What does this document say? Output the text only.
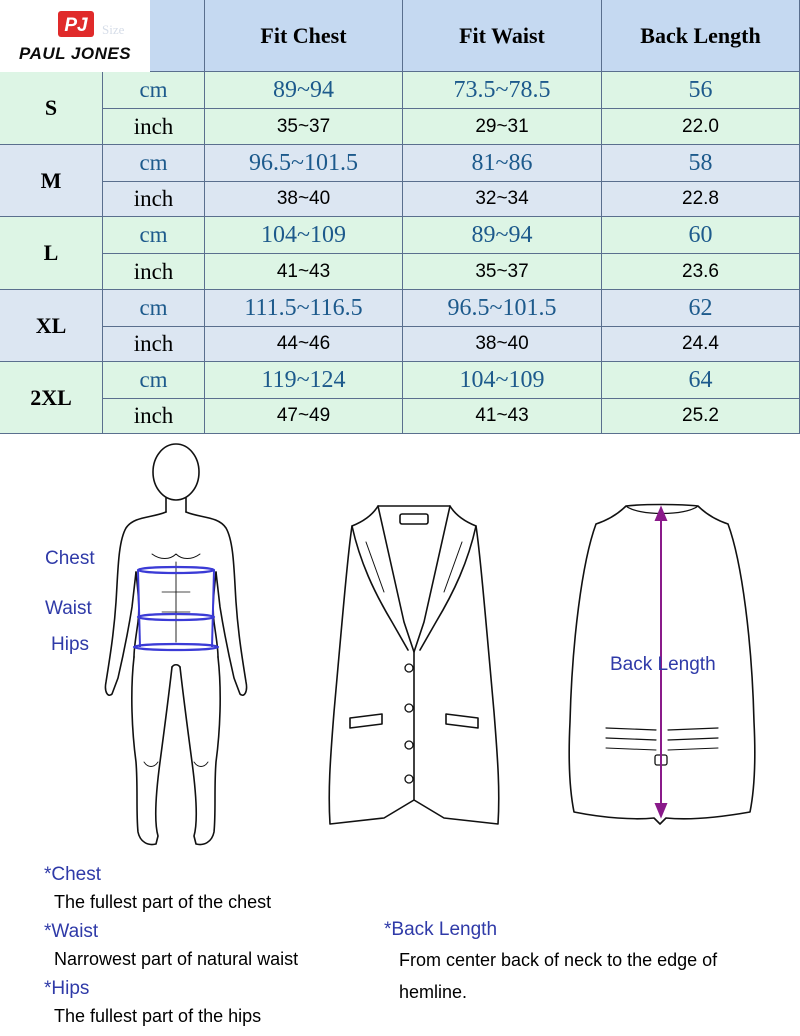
PJ Size
PAUL JONES
Fit Chest	Fit Waist	Back Length
S
cm	89~94	73.5~78.5	56
inch	35~37	29~31	22.0
M
cm	96.5~101.5	81~86	58
inch	38~40	32~34	22.8
L
cm	104~109	89~94	60
inch	41~43	35~37	23.6
XL
cm	111.5~116.5	96.5~101.5	62
inch	44~46	38~40	24.4
2XL
cm	119~124	104~109	64
inch	47~49	41~43	25.2
Chest
Waist
Hips
Back Length
*Chest
The fullest part of the chest
*Waist
Narrowest part of natural waist
*Hips
The fullest part of the hips
*Back Length
From center back of neck to the edge of
hemline.
